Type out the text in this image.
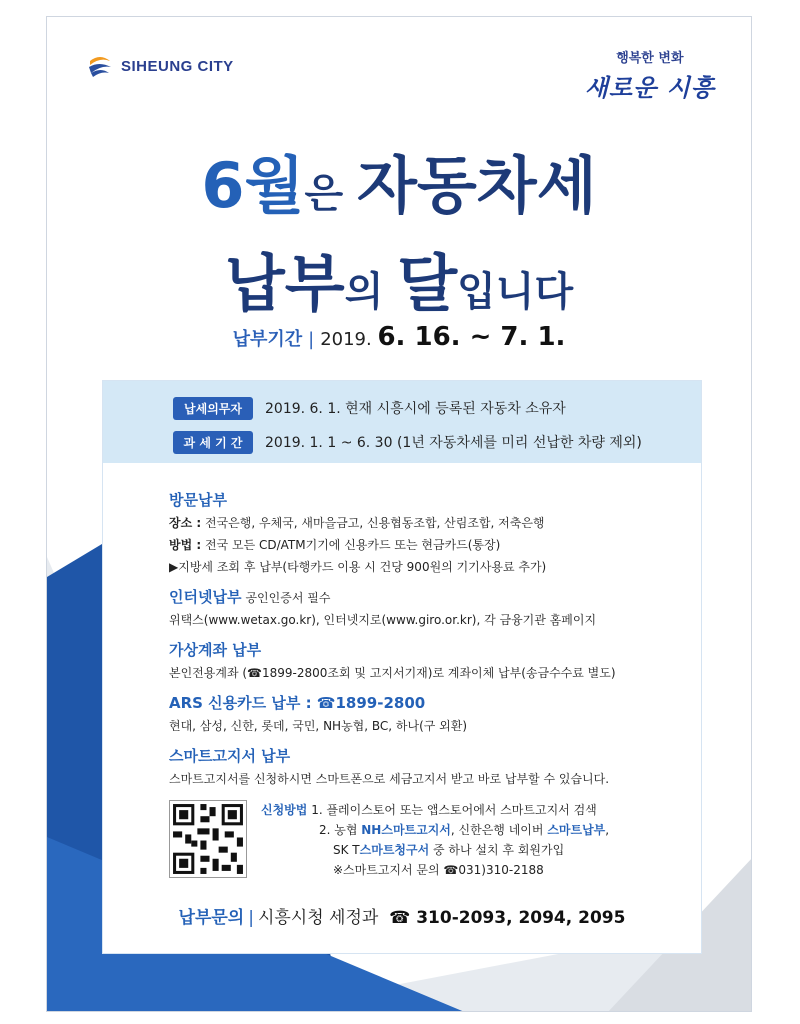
SIHEUNG CITY	행복한 변화
새로운 시흥
6월은 자동차세
납부의 달입니다
납부기간 | 2019. 6. 16. ~ 7. 1.
납세의무자	2019. 6. 1. 현재 시흥시에 등록된 자동차 소유자
과 세 기 간	2019. 1. 1 ~ 6. 30 (1년 자동차세를 미리 선납한 차량 제외)
방문납부
장소 : 전국은행, 우체국, 새마을금고, 신용협동조합, 산림조합, 저축은행
방법 : 전국 모든 CD/ATM기기에 신용카드 또는 현금카드(통장)
▶지방세 조회 후 납부(타행카드 이용 시 건당 900원의 기기사용료 추가)
인터넷납부 공인인증서 필수
위택스(www.wetax.go.kr), 인터넷지로(www.giro.or.kr), 각 금융기관 홈페이지
가상계좌 납부
본인전용계좌 (☎1899-2800조회 및 고지서기재)로 계좌이체 납부(송금수수료 별도)
ARS 신용카드 납부 : ☎1899-2800
현대, 삼성, 신한, 롯데, 국민, NH농협, BC, 하나(구 외환)
스마트고지서 납부
스마트고지서를 신청하시면 스마트폰으로 세금고지서 받고 바로 납부할 수 있습니다.
신청방법 1. 플레이스토어 또는 앱스토어에서 스마트고지서 검색
2. 농협 NH스마트고지서, 신한은행 네이버 스마트납부,
SK T스마트청구서 중 하나 설치 후 회원가입
※스마트고지서 문의 ☎031)310-2188
납부문의 | 시흥시청 세정과 ☎ 310-2093, 2094, 2095
